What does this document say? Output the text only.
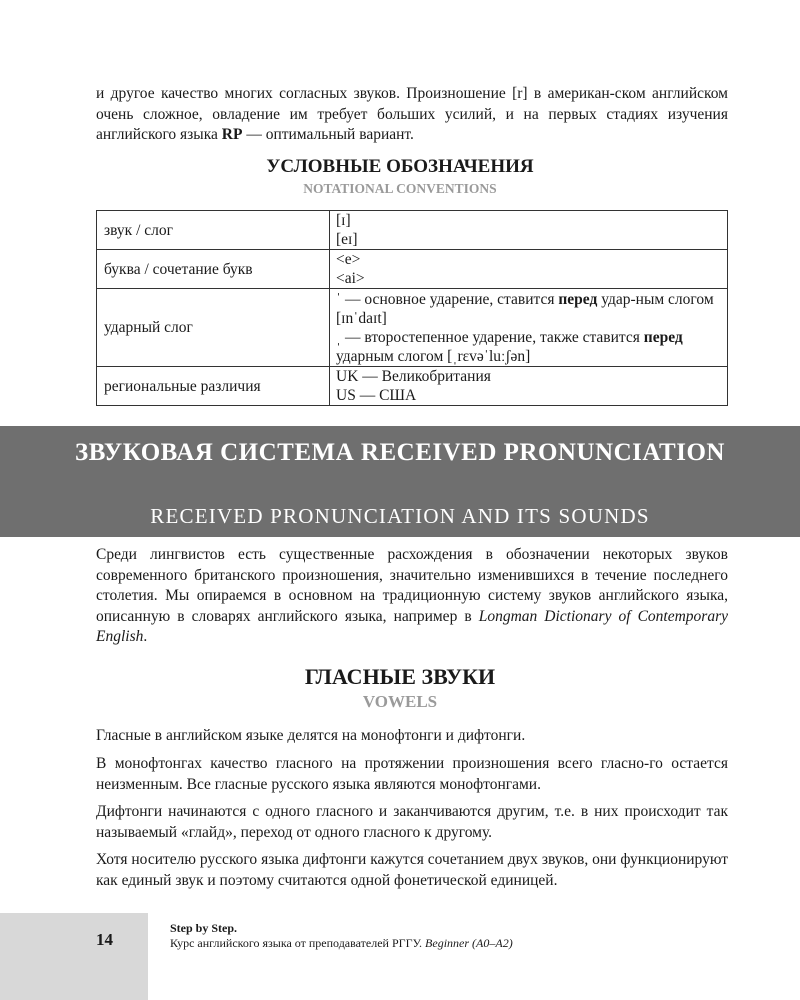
и другое качество многих согласных звуков. Произношение [r] в американ-ском английском очень сложное, овладение им требует больших усилий, и на первых стадиях изучения английского языка RP — оптимальный вариант.

УСЛОВНЫЕ ОБОЗНАЧЕНИЯ
NOTATIONAL CONVENTIONS
звук / слог	[ɪ]
[eɪ]

буква / сочетание букв	<e>
<ai>

ударный слог	ˈ — основное ударение, ставится перед удар-ным слогом [ɪnˈdaɪt]
ˌ — второстепенное ударение, также ставится перед ударным слогом [ˌrɛvəˈluːʃən]

региональные различия	UK — Великобритания
US — США
ЗВУКОВАЯ СИСТЕМА RECEIVED PRONUNCIATION
RECEIVED PRONUNCIATION AND ITS SOUNDS

Среди лингвистов есть существенные расхождения в обозначении некоторых звуков современного британского произношения, значительно изменившихся в течение последнего столетия. Мы опираемся в основном на традиционную систему звуков английского языка, описанную в словарях английского языка, например в Longman Dictionary of Contemporary English.

ГЛАСНЫЕ ЗВУКИ
VOWELS

Гласные в английском языке делятся на монофтонги и дифтонги.

В монофтонгах качество гласного на протяжении произношения всего гласно-го остается неизменным. Все гласные русского языка являются монофтонгами.

Дифтонги начинаются с одного гласного и заканчиваются другим, т.е. в них происходит так называемый «глайд», переход от одного гласного к другому.

Хотя носителю русского языка дифтонги кажутся сочетанием двух звуков, они функционируют как единый звук и поэтому считаются одной фонетической единицей.

14
Step by Step.
Курс английского языка от преподавателей РГГУ. Beginner (A0–A2)
